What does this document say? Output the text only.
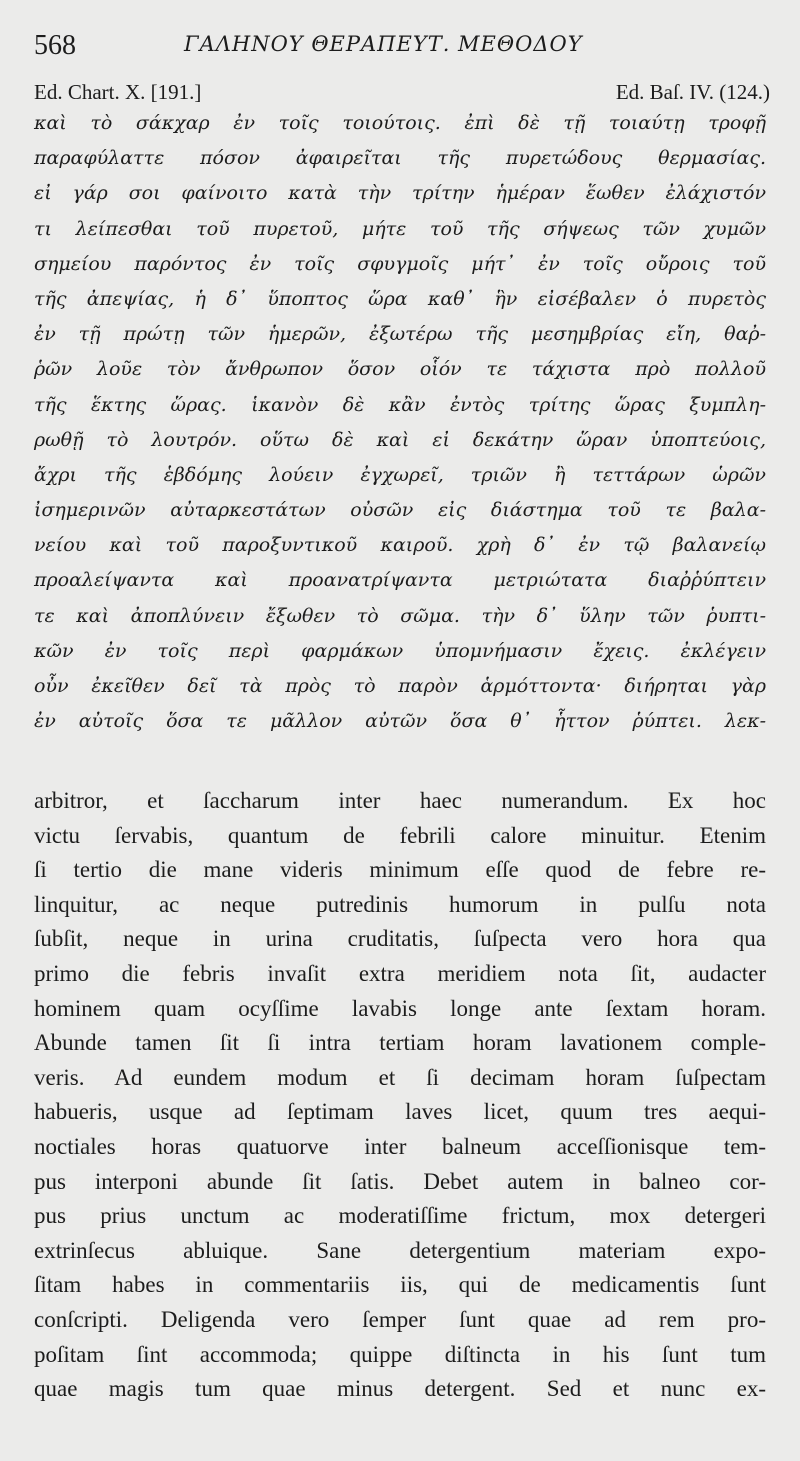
568	ΓΑΛΗΝΟΥ ΘΕΡΑΠΕΥΤ. ΜΕΘΟΔΟΥ
Ed. Chart. X. [191.]	Ed. Baſ. IV. (124.)
καὶ τὸ σάκχαρ ἐν τοῖς τοιούτοις. ἐπὶ δὲ τῇ τοιαύτῃ τροφῇ
παραφύλαττε πόσον ἀφαιρεῖται τῆς πυρετώδους θερμασίας.
εἰ γάρ σοι φαίνοιτο κατὰ τὴν τρίτην ἡμέραν ἕωθεν ἐλάχιστόν
τι λείπεσθαι τοῦ πυρετοῦ, μήτε τοῦ τῆς σήψεως τῶν χυμῶν
σημείου παρόντος ἐν τοῖς σφυγμοῖς μήτ᾽ ἐν τοῖς οὔροις τοῦ
τῆς ἀπεψίας, ἡ δ᾽ ὕποπτος ὥρα καθ᾽ ἣν εἰσέβαλεν ὁ πυρετὸς
ἐν τῇ πρώτῃ τῶν ἡμερῶν, ἐξωτέρω τῆς μεσημβρίας εἴη, θαῤ-
ῥῶν λοῦε τὸν ἄνθρωπον ὅσον οἷόν τε τάχιστα πρὸ πολλοῦ
τῆς ἕκτης ὥρας. ἱκανὸν δὲ κἂν ἐντὸς τρίτης ὥρας ξυμπλη-
ρωθῇ τὸ λουτρόν. οὕτω δὲ καὶ εἰ δεκάτην ὥραν ὑποπτεύοις,
ἄχρι τῆς ἑβδόμης λούειν ἐγχωρεῖ, τριῶν ἢ τεττάρων ὡρῶν
ἰσημερινῶν αὐταρκεστάτων οὐσῶν εἰς διάστημα τοῦ τε βαλα-
νείου καὶ τοῦ παροξυντικοῦ καιροῦ. χρὴ δ᾽ ἐν τῷ βαλανείῳ
προαλείψαντα καὶ προανατρίψαντα μετριώτατα διαῤῥύπτειν
τε καὶ ἀποπλύνειν ἔξωθεν τὸ σῶμα. τὴν δ᾽ ὕλην τῶν ῥυπτι-
κῶν ἐν τοῖς περὶ φαρμάκων ὑπομνήμασιν ἔχεις. ἐκλέγειν
οὖν ἐκεῖθεν δεῖ τὰ πρὸς τὸ παρὸν ἁρμόττοντα· διήρηται γὰρ
ἐν αὐτοῖς ὅσα τε μᾶλλον αὐτῶν ὅσα θ᾽ ἧττον ῥύπτει. λεκ-
arbitror, et ſaccharum inter haec numerandum. Ex hoc
victu ſervabis, quantum de febrili calore minuitur. Etenim
ſi tertio die mane videris minimum eſſe quod de febre re-
linquitur, ac neque putredinis humorum in pulſu nota
ſubſit, neque in urina cruditatis, ſuſpecta vero hora qua
primo die febris invaſit extra meridiem nota ſit, audacter
hominem quam ocyſſime lavabis longe ante ſextam horam.
Abunde tamen ſit ſi intra tertiam horam lavationem comple-
veris. Ad eundem modum et ſi decimam horam ſuſpectam
habueris, usque ad ſeptimam laves licet, quum tres aequi-
noctiales horas quatuorve inter balneum acceſſionisque tem-
pus interponi abunde ſit ſatis. Debet autem in balneo cor-
pus prius unctum ac moderatiſſime frictum, mox detergeri
extrinſecus abluique. Sane detergentium materiam expo-
ſitam habes in commentariis iis, qui de medicamentis ſunt
conſcripti. Deligenda vero ſemper ſunt quae ad rem pro-
poſitam ſint accommoda; quippe diſtincta in his ſunt tum
quae magis tum quae minus detergent. Sed et nunc ex-
